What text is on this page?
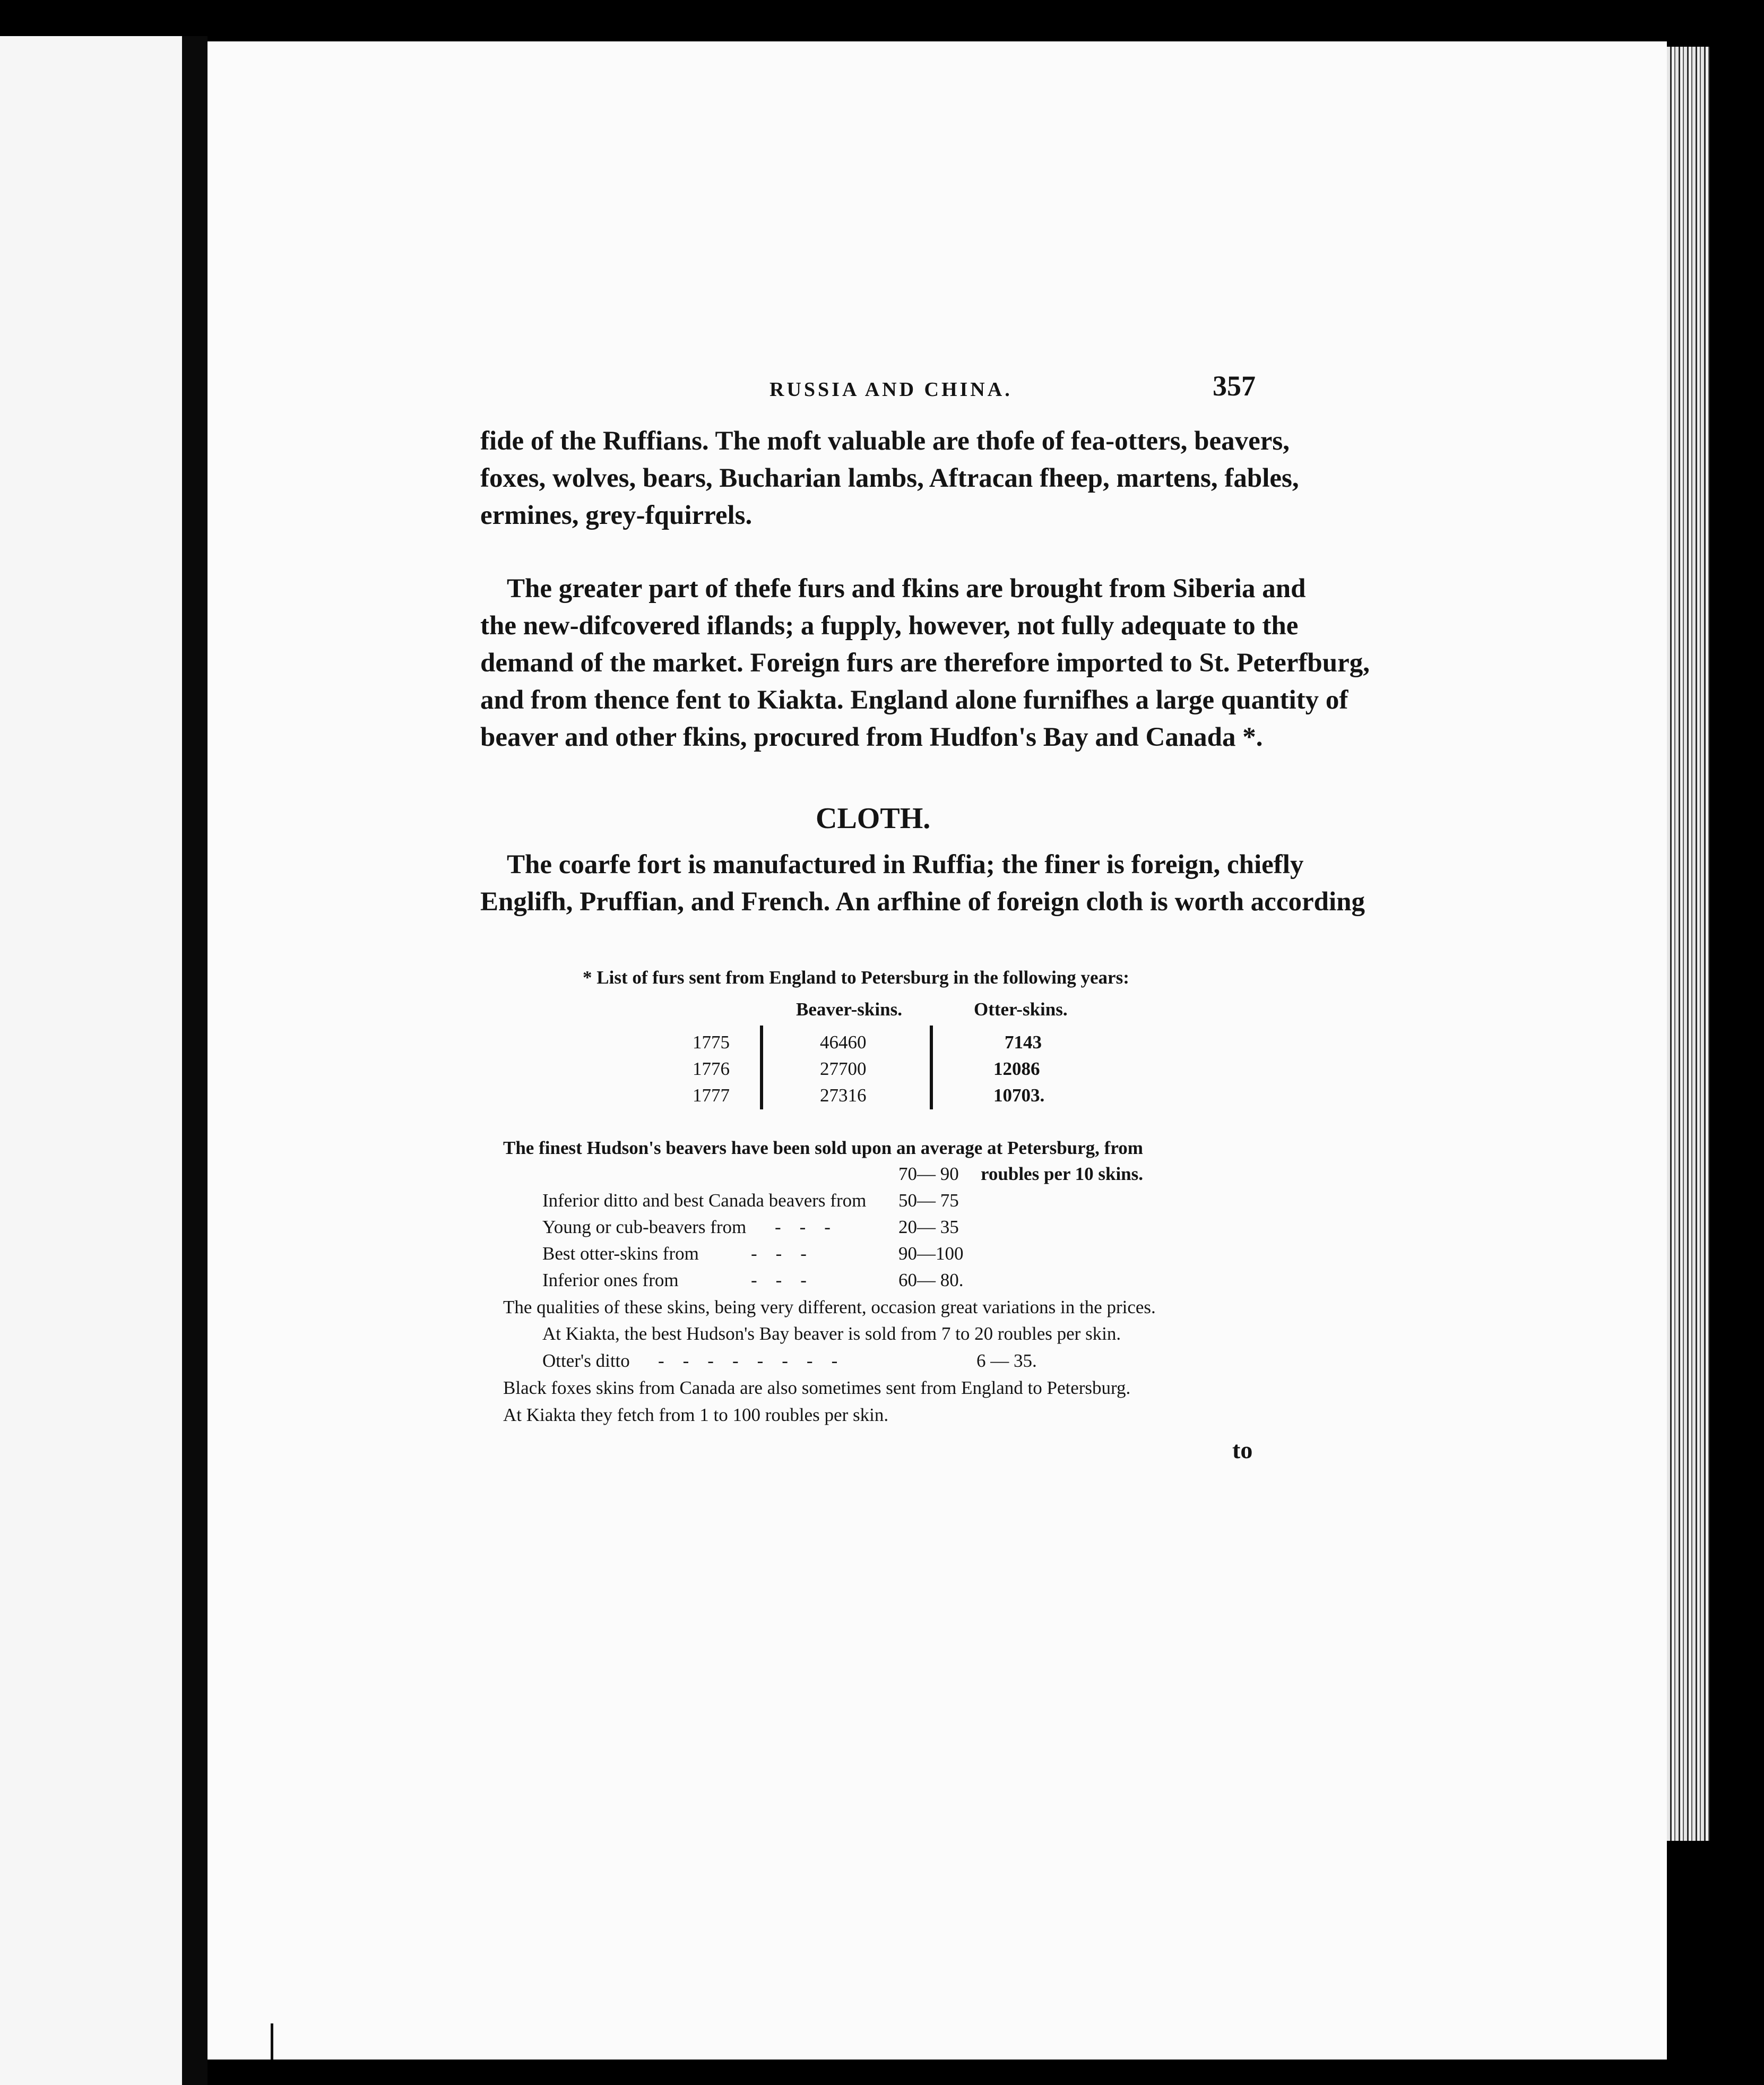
RUSSIA AND CHINA.	357
fide of the Ruffians. The moft valuable are thofe of fea-otters, beavers,
foxes, wolves, bears, Bucharian lambs, Aftracan fheep, martens, fables,
ermines, grey-fquirrels.
The greater part of thefe furs and fkins are brought from Siberia and
the new-difcovered iflands; a fupply, however, not fully adequate to the
demand of the market. Foreign furs are therefore imported to St. Peterfburg,
and from thence fent to Kiakta. England alone furnifhes a large quantity of
beaver and other fkins, procured from Hudfon's Bay and Canada *.
CLOTH.
The coarfe fort is manufactured in Ruffia; the finer is foreign, chiefly
Englifh, Pruffian, and French. An arfhine of foreign cloth is worth according
* List of furs sent from England to Petersburg in the following years:
Beaver-skins.	Otter-skins.
1775	46460	7143
1776	27700	12086
1777	27316	10703.
The finest Hudson's beavers have been sold upon an average at Petersburg, from
70— 90 roubles per 10 skins.
Inferior ditto and best Canada beavers from 50— 75
Young or cub-beavers from -    -    -	20— 35
Best otter-skins from	-    -    -	90—100
Inferior ones from	-    -    -	60— 80.
The qualities of these skins, being very different, occasion great variations in the prices.
At Kiakta, the best Hudson's Bay beaver is sold from 7 to 20 roubles per skin.
Otter's ditto -    -    -    -    -    -    -    -	6 — 35.
Black foxes skins from Canada are also sometimes sent from England to Petersburg.
At Kiakta they fetch from 1 to 100 roubles per skin.
to
